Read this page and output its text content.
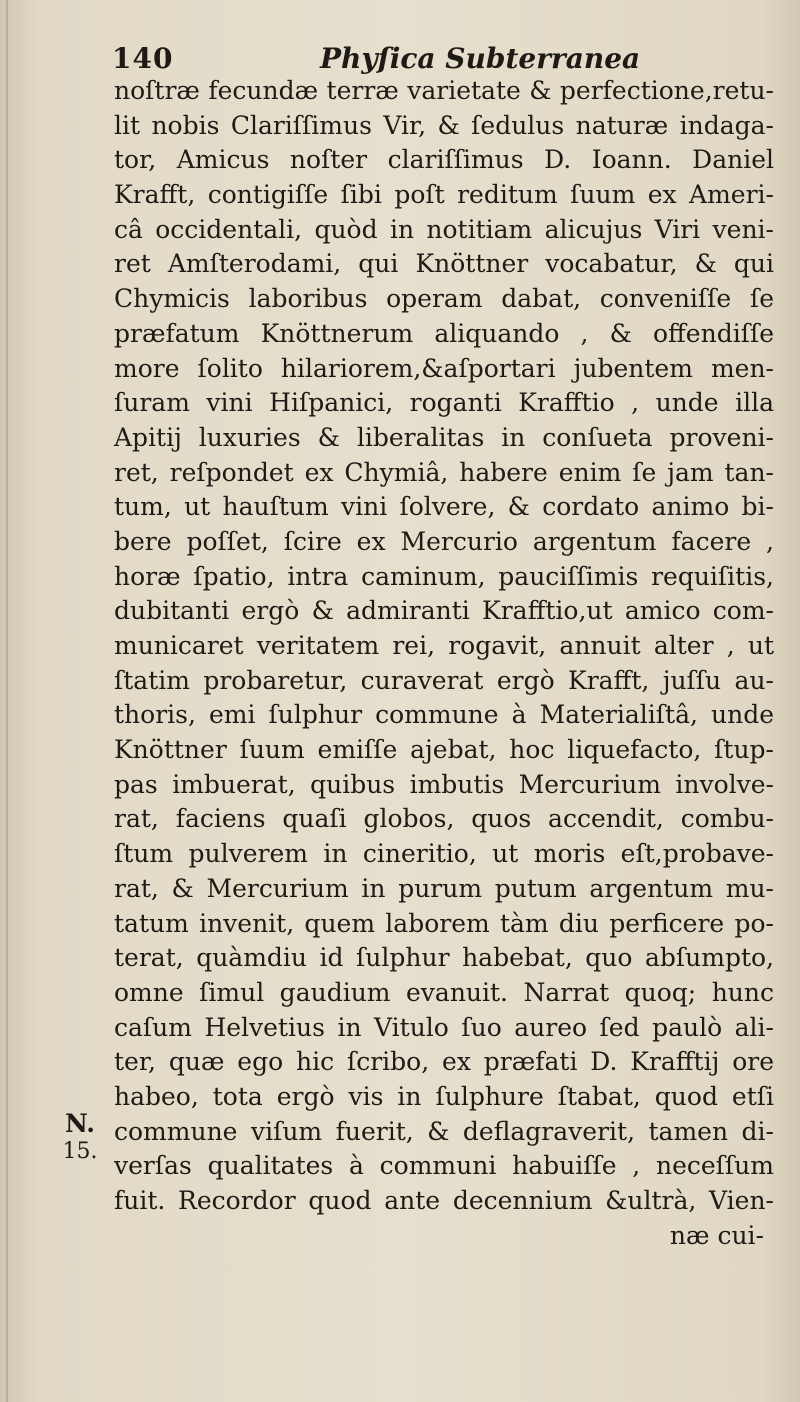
140	Phyſica Subterranea
noſtræ fecundæ terræ varietate & perfectione,retu-
lit nobis Clariſſimus Vir, & ſedulus naturæ indaga-
tor, Amicus noſter clariſſimus D. Ioann. Daniel
Krafft, contigiſſe ſibi poſt reditum ſuum ex Ameri-
câ occidentali, quòd in notitiam alicujus Viri veni-
ret Amſterodami, qui Knöttner vocabatur, & qui
Chymicis laboribus operam dabat, conveniſſe ſe
præfatum Knöttnerum aliquando , & offendiſſe
more ſolito hilariorem,&aſportari jubentem men-
ſuram vini Hiſpanici, roganti Krafftio , unde illa
Apitij luxuries & liberalitas in conſueta proveni-
ret, reſpondet ex Chymiâ, habere enim ſe jam tan-
tum, ut hauſtum vini ſolvere, & cordato animo bi-
bere poſſet, ſcire ex Mercurio argentum facere ,
horæ ſpatio, intra caminum, pauciſſimis requiſitis,
dubitanti ergò & admiranti Krafftio,ut amico com-
municaret veritatem rei, rogavit, annuit alter , ut
ſtatim probaretur, curaverat ergò Krafft, juſſu au-
thoris, emi ſulphur commune à Materialiſtâ, unde
Knöttner ſuum emiſſe ajebat, hoc liquefacto, ſtup-
pas imbuerat, quibus imbutis Mercurium involve-
rat, faciens quaſi globos, quos accendit, combu-
ſtum pulverem in cineritio, ut moris eſt,probave-
rat, & Mercurium in purum putum argentum mu-
tatum invenit, quem laborem tàm diu perficere po-
terat, quàmdiu id ſulphur habebat, quo abſumpto,
omne ſimul gaudium evanuit. Narrat quoq; hunc
caſum Helvetius in Vitulo ſuo aureo ſed paulò ali-
ter, quæ ego hic ſcribo, ex præfati D. Krafftij ore
habeo, tota ergò vis in ſulphure ſtabat, quod etſi
commune viſum fuerit, & deflagraverit, tamen di-
verſas qualitates à communi habuiſſe , neceſſum
fuit. Recordor quod ante decennium &ultrà, Vien-
næ cui-
N.
15.
